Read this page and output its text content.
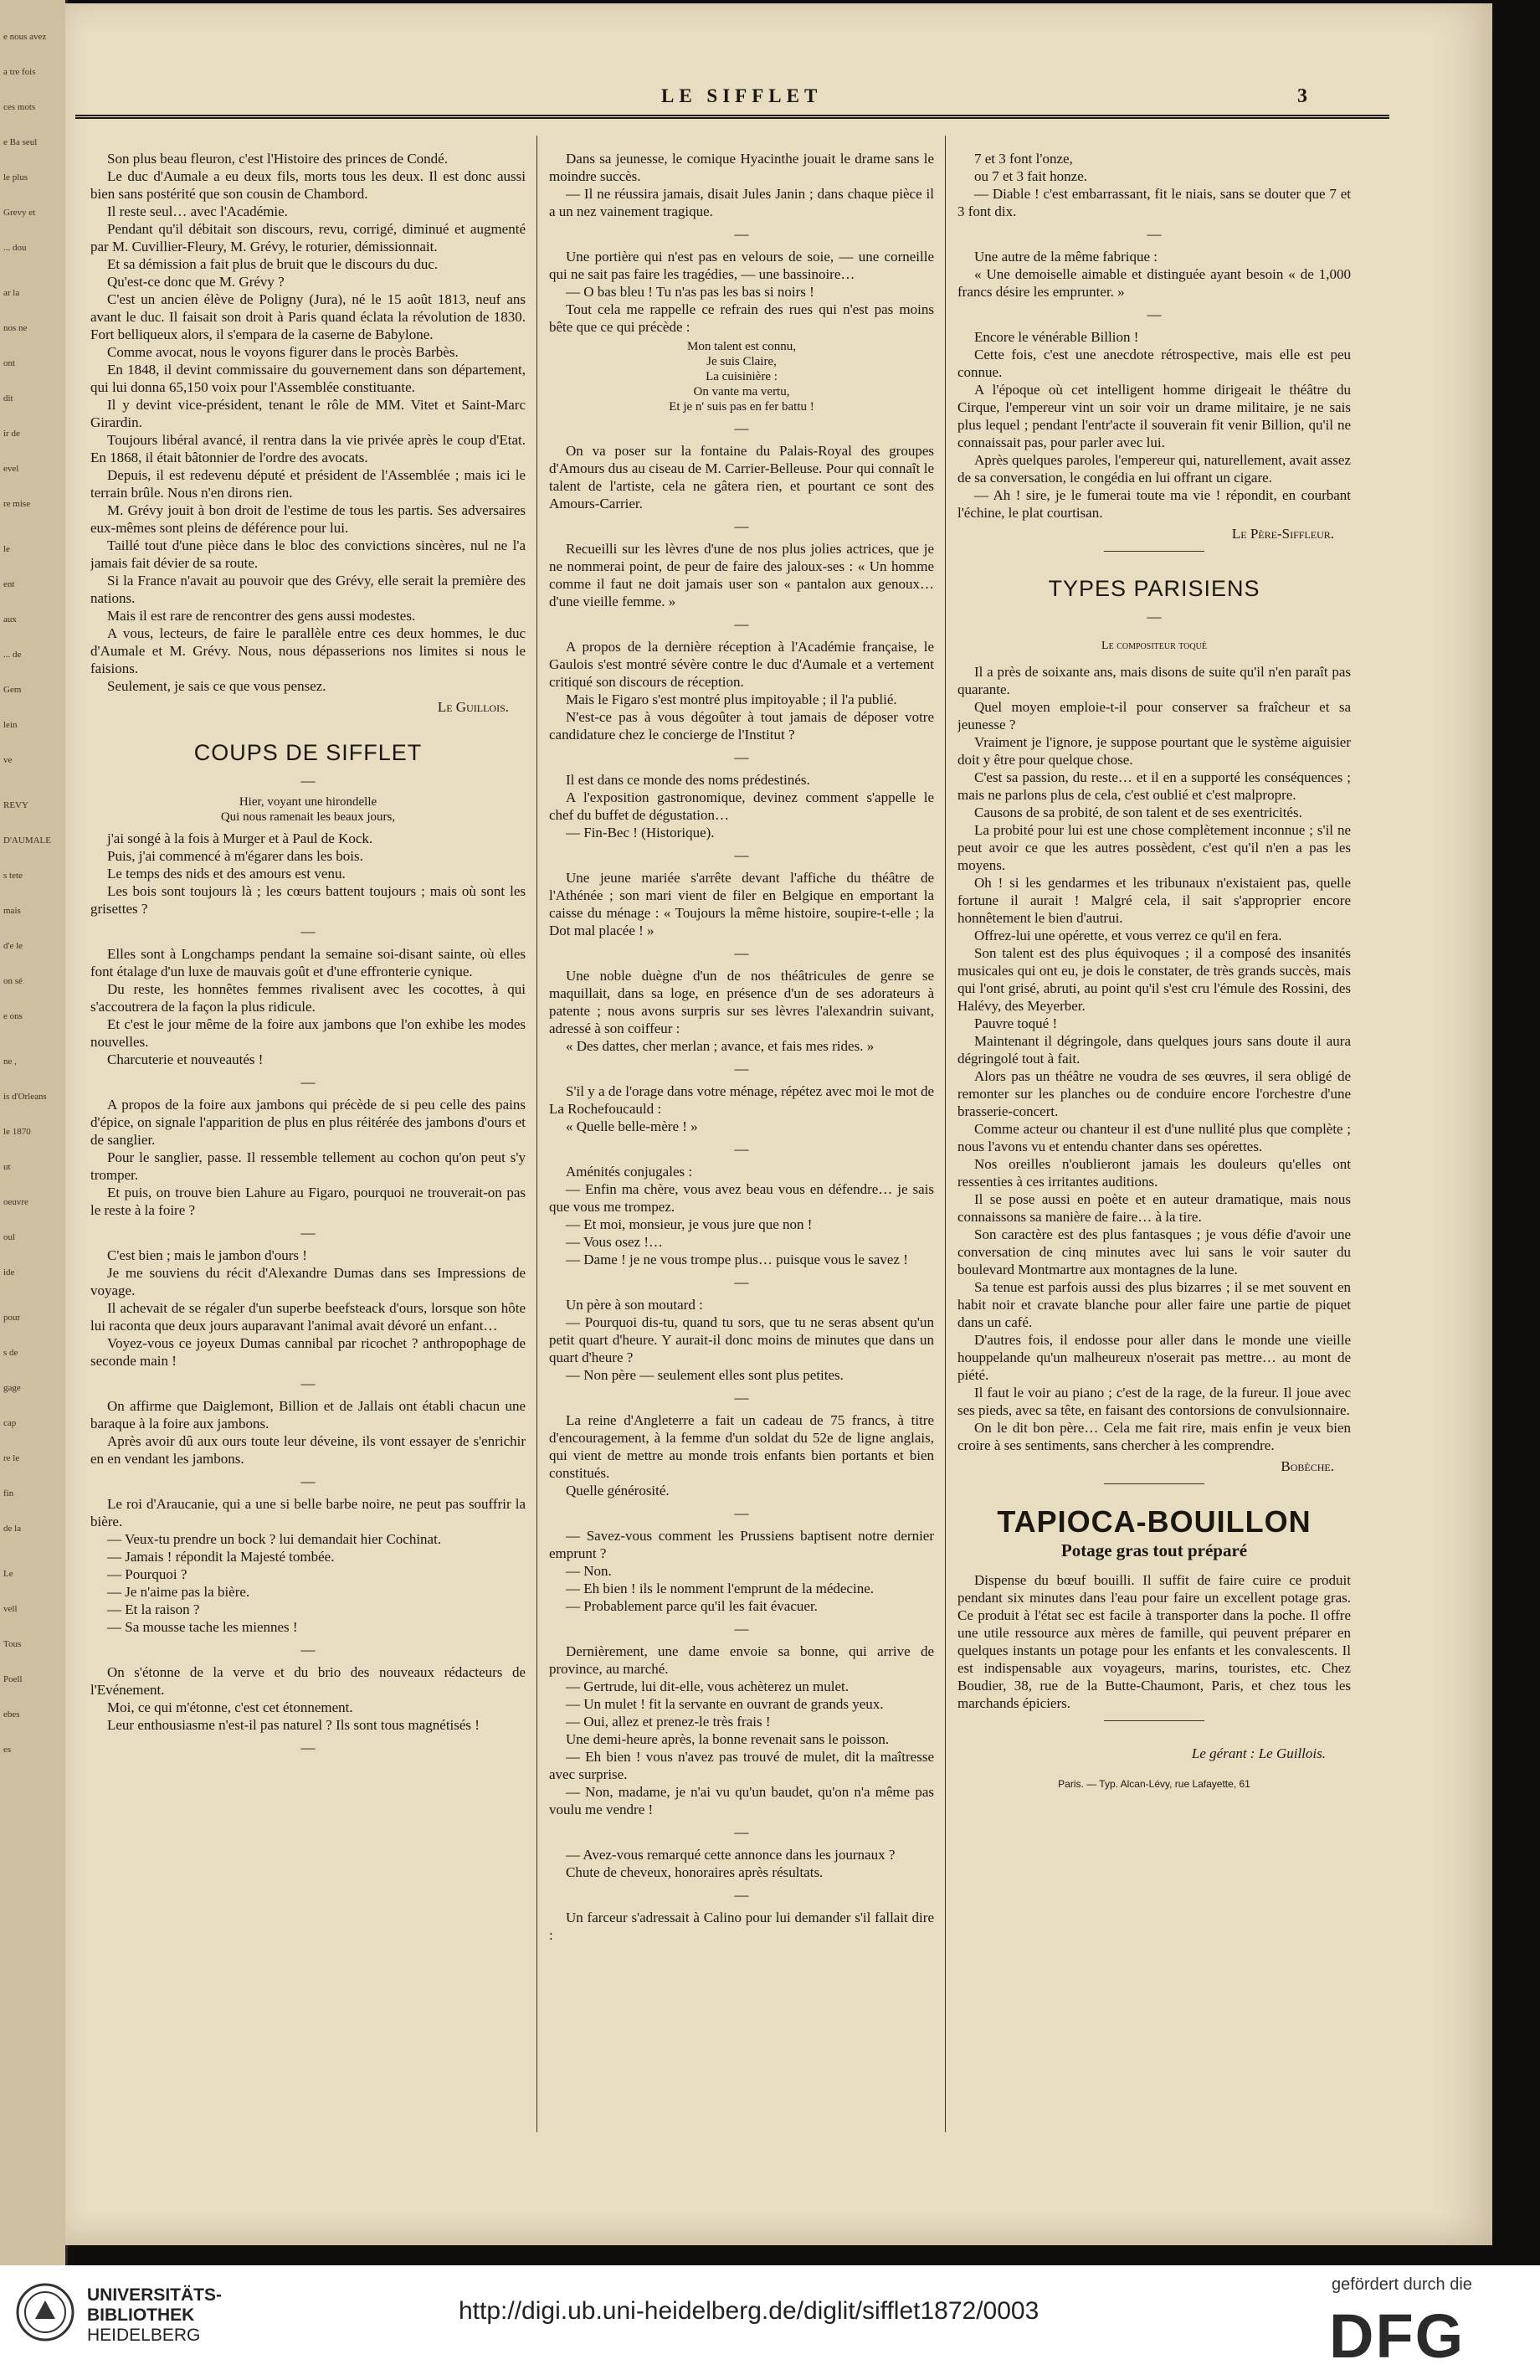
e nous avez
a tre fois
ces mots
e Ba seul
le plus
Grevy et
... dou
ar la
nos ne
ont
dit
ir de
evel
re mise
le
ent
aux
... de
Gem
lein
ve
REVY
D'AUMALE
s tete
mais
d'e le
on sé
e ons
ne ,
is d'Orleans
le 1870
ut
oeuvre
oul
ide
pour
s de
gage
cap
re le
fin
de la
Le
vell
Tous
Poell
ebes
es
LE SIFFLET	3

Son plus beau fleuron, c'est l'Histoire des princes de Condé.

Le duc d'Aumale a eu deux fils, morts tous les deux. Il est donc aussi bien sans postérité que son cousin de Chambord.

Il reste seul… avec l'Académie.

Pendant qu'il débitait son discours, revu, corrigé, diminué et augmenté par M. Cuvillier-Fleury, M. Grévy, le roturier, démissionnait.

Et sa démission a fait plus de bruit que le discours du duc.

Qu'est-ce donc que M. Grévy ?

C'est un ancien élève de Poligny (Jura), né le 15 août 1813, neuf ans avant le duc. Il faisait son droit à Paris quand éclata la révolution de 1830. Fort belliqueux alors, il s'empara de la caserne de Babylone.

Comme avocat, nous le voyons figurer dans le procès Barbès.

En 1848, il devint commissaire du gouvernement dans son département, qui lui donna 65,150 voix pour l'Assemblée constituante.

Il y devint vice-président, tenant le rôle de MM. Vitet et Saint-Marc Girardin.

Toujours libéral avancé, il rentra dans la vie privée après le coup d'Etat. En 1868, il était bâtonnier de l'ordre des avocats.

Depuis, il est redevenu député et président de l'Assemblée ; mais ici le terrain brûle. Nous n'en dirons rien.

M. Grévy jouit à bon droit de l'estime de tous les partis. Ses adversaires eux-mêmes sont pleins de déférence pour lui.

Taillé tout d'une pièce dans le bloc des convictions sincères, nul ne l'a jamais fait dévier de sa route.

Si la France n'avait au pouvoir que des Grévy, elle serait la première des nations.

Mais il est rare de rencontrer des gens aussi modestes.

A vous, lecteurs, de faire le parallèle entre ces deux hommes, le duc d'Aumale et M. Grévy. Nous, nous dépasserions nos limites si nous le faisions.

Seulement, je sais ce que vous pensez.

Le Guillois.
COUPS DE SIFFLET
—
Hier, voyant une hirondelle
Qui nous ramenait les beaux jours,

j'ai songé à la fois à Murger et à Paul de Kock.

Puis, j'ai commencé à m'égarer dans les bois.

Le temps des nids et des amours est venu.

Les bois sont toujours là ; les cœurs battent toujours ; mais où sont les grisettes ?

—

Elles sont à Longchamps pendant la semaine soi-disant sainte, où elles font étalage d'un luxe de mauvais goût et d'une effronterie cynique.

Du reste, les honnêtes femmes rivalisent avec les cocottes, à qui s'accoutrera de la façon la plus ridicule.

Et c'est le jour même de la foire aux jambons que l'on exhibe les modes nouvelles.

Charcuterie et nouveautés !

—

A propos de la foire aux jambons qui précède de si peu celle des pains d'épice, on signale l'apparition de plus en plus réitérée des jambons d'ours et de sanglier.

Pour le sanglier, passe. Il ressemble tellement au cochon qu'on peut s'y tromper.

Et puis, on trouve bien Lahure au Figaro, pourquoi ne trouverait-on pas le reste à la foire ?

—

C'est bien ; mais le jambon d'ours !

Je me souviens du récit d'Alexandre Dumas dans ses Impressions de voyage.

Il achevait de se régaler d'un superbe beefsteack d'ours, lorsque son hôte lui raconta que deux jours auparavant l'animal avait dévoré un enfant…

Voyez-vous ce joyeux Dumas cannibal par ricochet ? anthropophage de seconde main !

—

On affirme que Daiglemont, Billion et de Jallais ont établi chacun une baraque à la foire aux jambons.

Après avoir dû aux ours toute leur déveine, ils vont essayer de s'enrichir en en vendant les jambons.

—

Le roi d'Araucanie, qui a une si belle barbe noire, ne peut pas souffrir la bière.

— Veux-tu prendre un bock ? lui demandait hier Cochinat.

— Jamais ! répondit la Majesté tombée.

— Pourquoi ?

— Je n'aime pas la bière.

— Et la raison ?

— Sa mousse tache les miennes !

—

On s'étonne de la verve et du brio des nouveaux rédacteurs de l'Evénement.

Moi, ce qui m'étonne, c'est cet étonnement.

Leur enthousiasme n'est-il pas naturel ? Ils sont tous magnétisés !

—

Dans sa jeunesse, le comique Hyacinthe jouait le drame sans le moindre succès.

— Il ne réussira jamais, disait Jules Janin ; dans chaque pièce il a un nez vainement tragique.

—

Une portière qui n'est pas en velours de soie, — une corneille qui ne sait pas faire les tragédies, — une bassinoire…

— O bas bleu ! Tu n'as pas les bas si noirs !

Tout cela me rappelle ce refrain des rues qui n'est pas moins bête que ce qui précède :

Mon talent est connu,
Je suis Claire,
La cuisinière :
On vante ma vertu,
Et je n' suis pas en fer battu !
—

On va poser sur la fontaine du Palais-Royal des groupes d'Amours dus au ciseau de M. Carrier-Belleuse. Pour qui connaît le talent de l'artiste, cela ne gâtera rien, et pourtant ce sont des Amours-Carrier.

—

Recueilli sur les lèvres d'une de nos plus jolies actrices, que je ne nommerai point, de peur de faire des jaloux-ses : « Un homme comme il faut ne doit jamais user son « pantalon aux genoux… d'une vieille femme. »

—

A propos de la dernière réception à l'Académie française, le Gaulois s'est montré sévère contre le duc d'Aumale et a vertement critiqué son discours de réception.

Mais le Figaro s'est montré plus impitoyable ; il l'a publié.

N'est-ce pas à vous dégoûter à tout jamais de déposer votre candidature chez le concierge de l'Institut ?

—

Il est dans ce monde des noms prédestinés.

A l'exposition gastronomique, devinez comment s'appelle le chef du buffet de dégustation…

— Fin-Bec ! (Historique).

—

Une jeune mariée s'arrête devant l'affiche du théâtre de l'Athénée ; son mari vient de filer en Belgique en emportant la caisse du ménage : « Toujours la même histoire, soupire-t-elle ; la Dot mal placée ! »

—

Une noble duègne d'un de nos théâtricules de genre se maquillait, dans sa loge, en présence d'un de ses adorateurs à patente ; nous avons surpris sur ses lèvres l'alexandrin suivant, adressé à son coiffeur :

« Des dattes, cher merlan ; avance, et fais mes rides. »

—

S'il y a de l'orage dans votre ménage, répétez avec moi le mot de La Rochefoucauld :

« Quelle belle-mère ! »

—

Aménités conjugales :

— Enfin ma chère, vous avez beau vous en défendre… je sais que vous me trompez.

— Et moi, monsieur, je vous jure que non !

— Vous osez !…

— Dame ! je ne vous trompe plus… puisque vous le savez !

—

Un père à son moutard :

— Pourquoi dis-tu, quand tu sors, que tu ne seras absent qu'un petit quart d'heure. Y aurait-il donc moins de minutes que dans un quart d'heure ?

— Non père — seulement elles sont plus petites.

—

La reine d'Angleterre a fait un cadeau de 75 francs, à titre d'encouragement, à la femme d'un soldat du 52e de ligne anglais, qui vient de mettre au monde trois enfants bien portants et bien constitués.

Quelle générosité.

—

— Savez-vous comment les Prussiens baptisent notre dernier emprunt ?

— Non.

— Eh bien ! ils le nomment l'emprunt de la médecine.

— Probablement parce qu'il les fait évacuer.

—

Dernièrement, une dame envoie sa bonne, qui arrive de province, au marché.

— Gertrude, lui dit-elle, vous achèterez un mulet.

— Un mulet ! fit la servante en ouvrant de grands yeux.

— Oui, allez et prenez-le très frais !

Une demi-heure après, la bonne revenait sans le poisson.

— Eh bien ! vous n'avez pas trouvé de mulet, dit la maîtresse avec surprise.

— Non, madame, je n'ai vu qu'un baudet, qu'on n'a même pas voulu me vendre !

—

— Avez-vous remarqué cette annonce dans les journaux ?

Chute de cheveux, honoraires après résultats.

—

Un farceur s'adressait à Calino pour lui demander s'il fallait dire :

7 et 3 font l'onze,

ou 7 et 3 fait honze.

— Diable ! c'est embarrassant, fit le niais, sans se douter que 7 et 3 font dix.

—

Une autre de la même fabrique :

« Une demoiselle aimable et distinguée ayant besoin « de 1,000 francs désire les emprunter. »

—

Encore le vénérable Billion !

Cette fois, c'est une anecdote rétrospective, mais elle est peu connue.

A l'époque où cet intelligent homme dirigeait le théâtre du Cirque, l'empereur vint un soir voir un drame militaire, je ne sais plus lequel ; pendant l'entr'acte il souverain fit venir Billion, qu'il ne connaissait pas, pour parler avec lui.

Après quelques paroles, l'empereur qui, naturellement, avait assez de sa conversation, le congédia en lui offrant un cigare.

— Ah ! sire, je le fumerai toute ma vie ! répondit, en courbant l'échine, le plat courtisan.

Le Père-Siffleur.
TYPES PARISIENS
—
Le compositeur toqué

Il a près de soixante ans, mais disons de suite qu'il n'en paraît pas quarante.

Quel moyen emploie-t-il pour conserver sa fraîcheur et sa jeunesse ?

Vraiment je l'ignore, je suppose pourtant que le système aiguisier doit y être pour quelque chose.

C'est sa passion, du reste… et il en a supporté les conséquences ; mais ne parlons plus de cela, c'est oublié et c'est malpropre.

Causons de sa probité, de son talent et de ses exentricités.

La probité pour lui est une chose complètement inconnue ; s'il ne peut avoir ce que les autres possèdent, c'est qu'il n'en a pas les moyens.

Oh ! si les gendarmes et les tribunaux n'existaient pas, quelle fortune il aurait ! Malgré cela, il sait s'approprier encore honnêtement le bien d'autrui.

Offrez-lui une opérette, et vous verrez ce qu'il en fera.

Son talent est des plus équivoques ; il a composé des insanités musicales qui ont eu, je dois le constater, de très grands succès, mais qui l'ont grisé, abruti, au point qu'il s'est cru l'émule des Rossini, des Halévy, des Meyerber.

Pauvre toqué !

Maintenant il dégringole, dans quelques jours sans doute il aura dégringolé tout à fait.

Alors pas un théâtre ne voudra de ses œuvres, il sera obligé de remonter sur les planches ou de conduire encore l'orchestre d'une brasserie-concert.

Comme acteur ou chanteur il est d'une nullité plus que complète ; nous l'avons vu et entendu chanter dans ses opérettes.

Nos oreilles n'oublieront jamais les douleurs qu'elles ont ressenties à ces irritantes auditions.

Il se pose aussi en poète et en auteur dramatique, mais nous connaissons sa manière de faire… à la tire.

Son caractère est des plus fantasques ; je vous défie d'avoir une conversation de cinq minutes avec lui sans le voir sauter du boulevard Montmartre aux montagnes de la lune.

Sa tenue est parfois aussi des plus bizarres ; il se met souvent en habit noir et cravate blanche pour aller faire une partie de piquet dans un café.

D'autres fois, il endosse pour aller dans le monde une vieille houppelande qu'un malheureux n'oserait pas mettre… au mont de piété.

Il faut le voir au piano ; c'est de la rage, de la fureur. Il joue avec ses pieds, avec sa tête, en faisant des contorsions de convulsionnaire.

On le dit bon père… Cela me fait rire, mais enfin je veux bien croire à ses sentiments, sans chercher à les comprendre.

Bobèche.
TAPIOCA-BOUILLON
Potage gras tout préparé

Dispense du bœuf bouilli. Il suffit de faire cuire ce produit pendant six minutes dans l'eau pour faire un excellent potage gras. Ce produit à l'état sec est facile à transporter dans la poche. Il offre une utile ressource aux mères de famille, qui peuvent préparer en quelques instants un potage pour les enfants et les convalescents. Il est indispensable aux voyageurs, marins, touristes, etc. Chez Boudier, 38, rue de la Butte-Chaumont, Paris, et chez tous les marchands épiciers.

Le gérant : Le Guillois.
Paris. — Typ. Alcan-Lévy, rue Lafayette, 61
UNIVERSITÄTS-
BIBLIOTHEK
HEIDELBERG
http://digi.ub.uni-heidelberg.de/diglit/sifflet1872/0003
gefördert durch die
DFG
